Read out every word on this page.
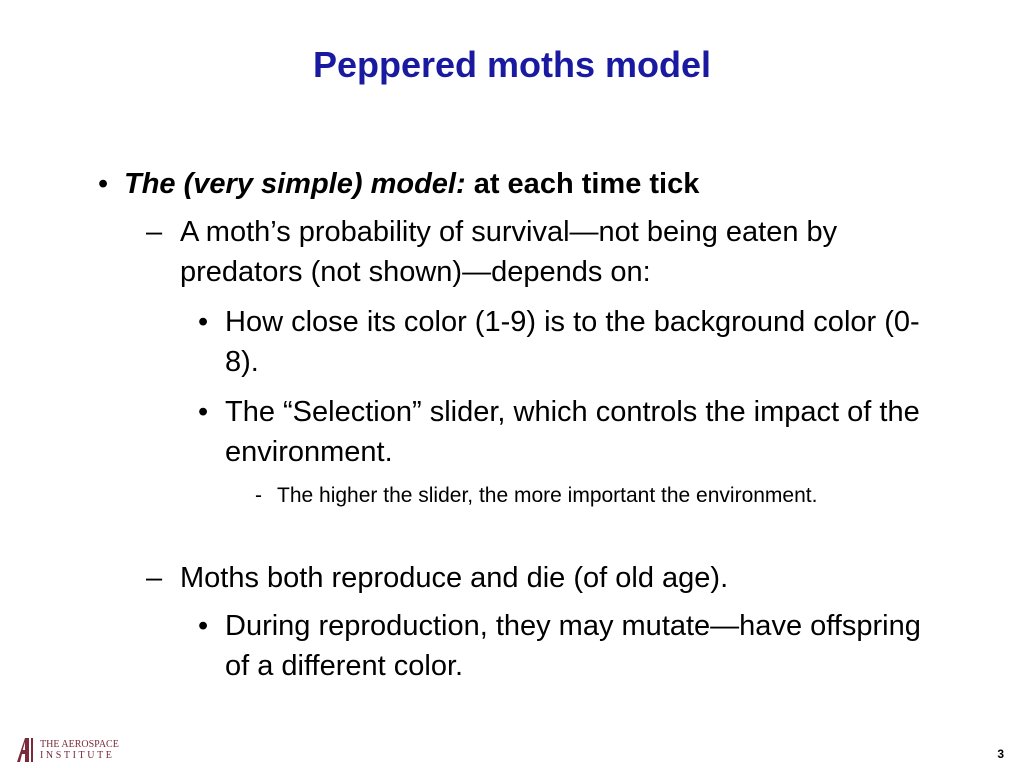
Peppered moths model
• The (very simple) model: at each time tick
– A moth’s probability of survival—not being eaten by predators (not shown)—depends on:
• How close its color (1-9) is to the background color (0-8).
• The “Selection” slider, which controls the impact of the environment.
- The higher the slider, the more important the environment.
– Moths both reproduce and die (of old age).
• During reproduction, they may mutate—have offspring of a different color.
THE AEROSPACE
INSTITUTE	3
